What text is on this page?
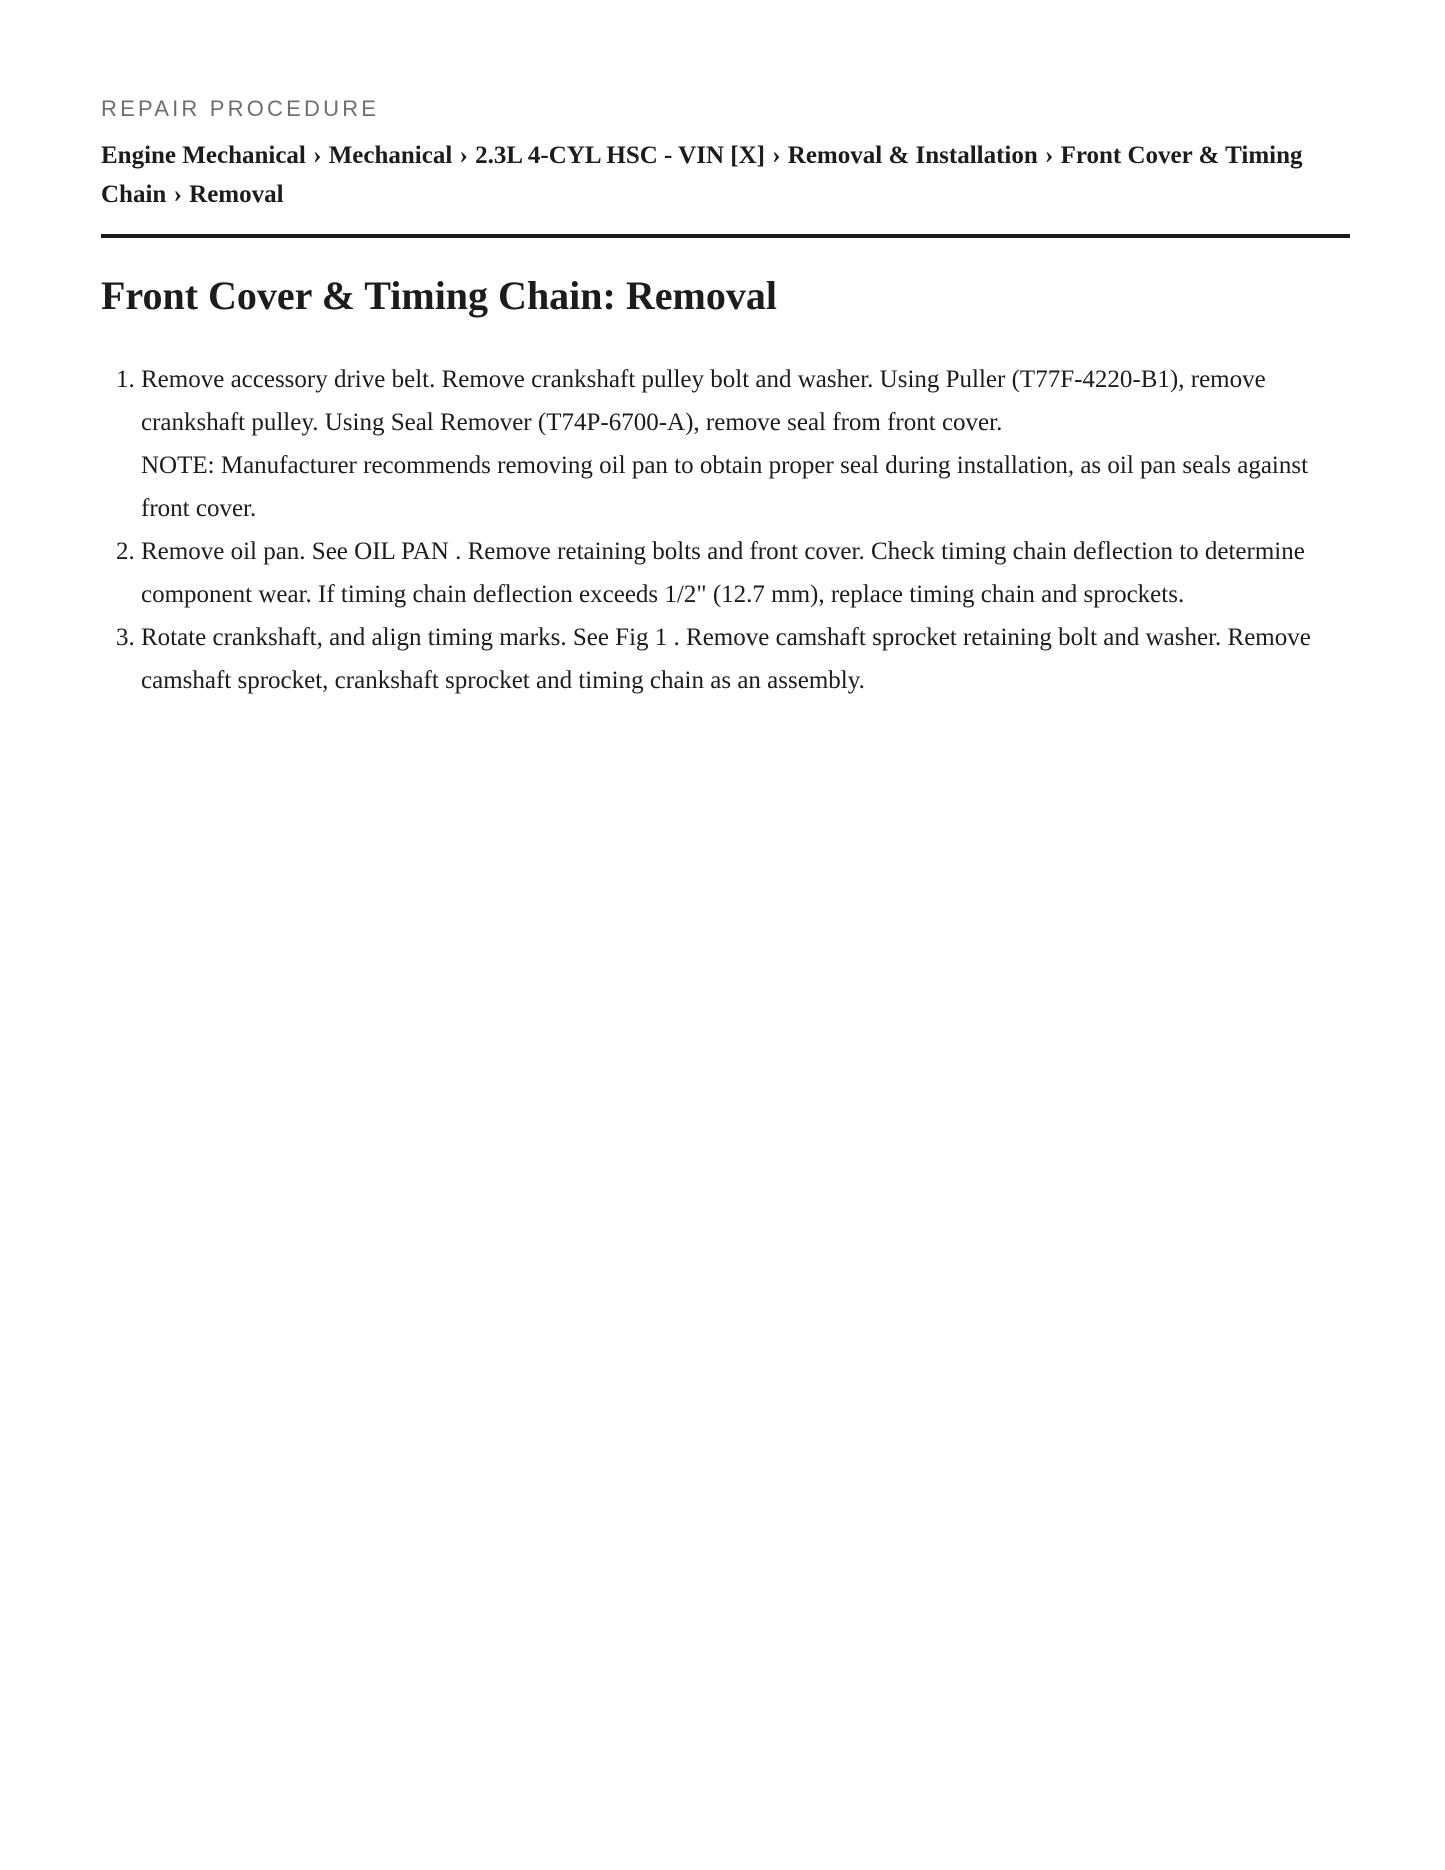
REPAIR PROCEDURE
Engine Mechanical › Mechanical › 2.3L 4-CYL HSC - VIN [X] › Removal & Installation › Front Cover & Timing Chain › Removal
Front Cover & Timing Chain: Removal
1. Remove accessory drive belt. Remove crankshaft pulley bolt and washer. Using Puller (T77F-4220-B1), remove crankshaft pulley. Using Seal Remover (T74P-6700-A), remove seal from front cover.
NOTE: Manufacturer recommends removing oil pan to obtain proper seal during installation, as oil pan seals against front cover.
2. Remove oil pan. See OIL PAN . Remove retaining bolts and front cover. Check timing chain deflection to determine component wear. If timing chain deflection exceeds 1/2" (12.7 mm), replace timing chain and sprockets.
3. Rotate crankshaft, and align timing marks. See Fig 1 . Remove camshaft sprocket retaining bolt and washer. Remove camshaft sprocket, crankshaft sprocket and timing chain as an assembly.
